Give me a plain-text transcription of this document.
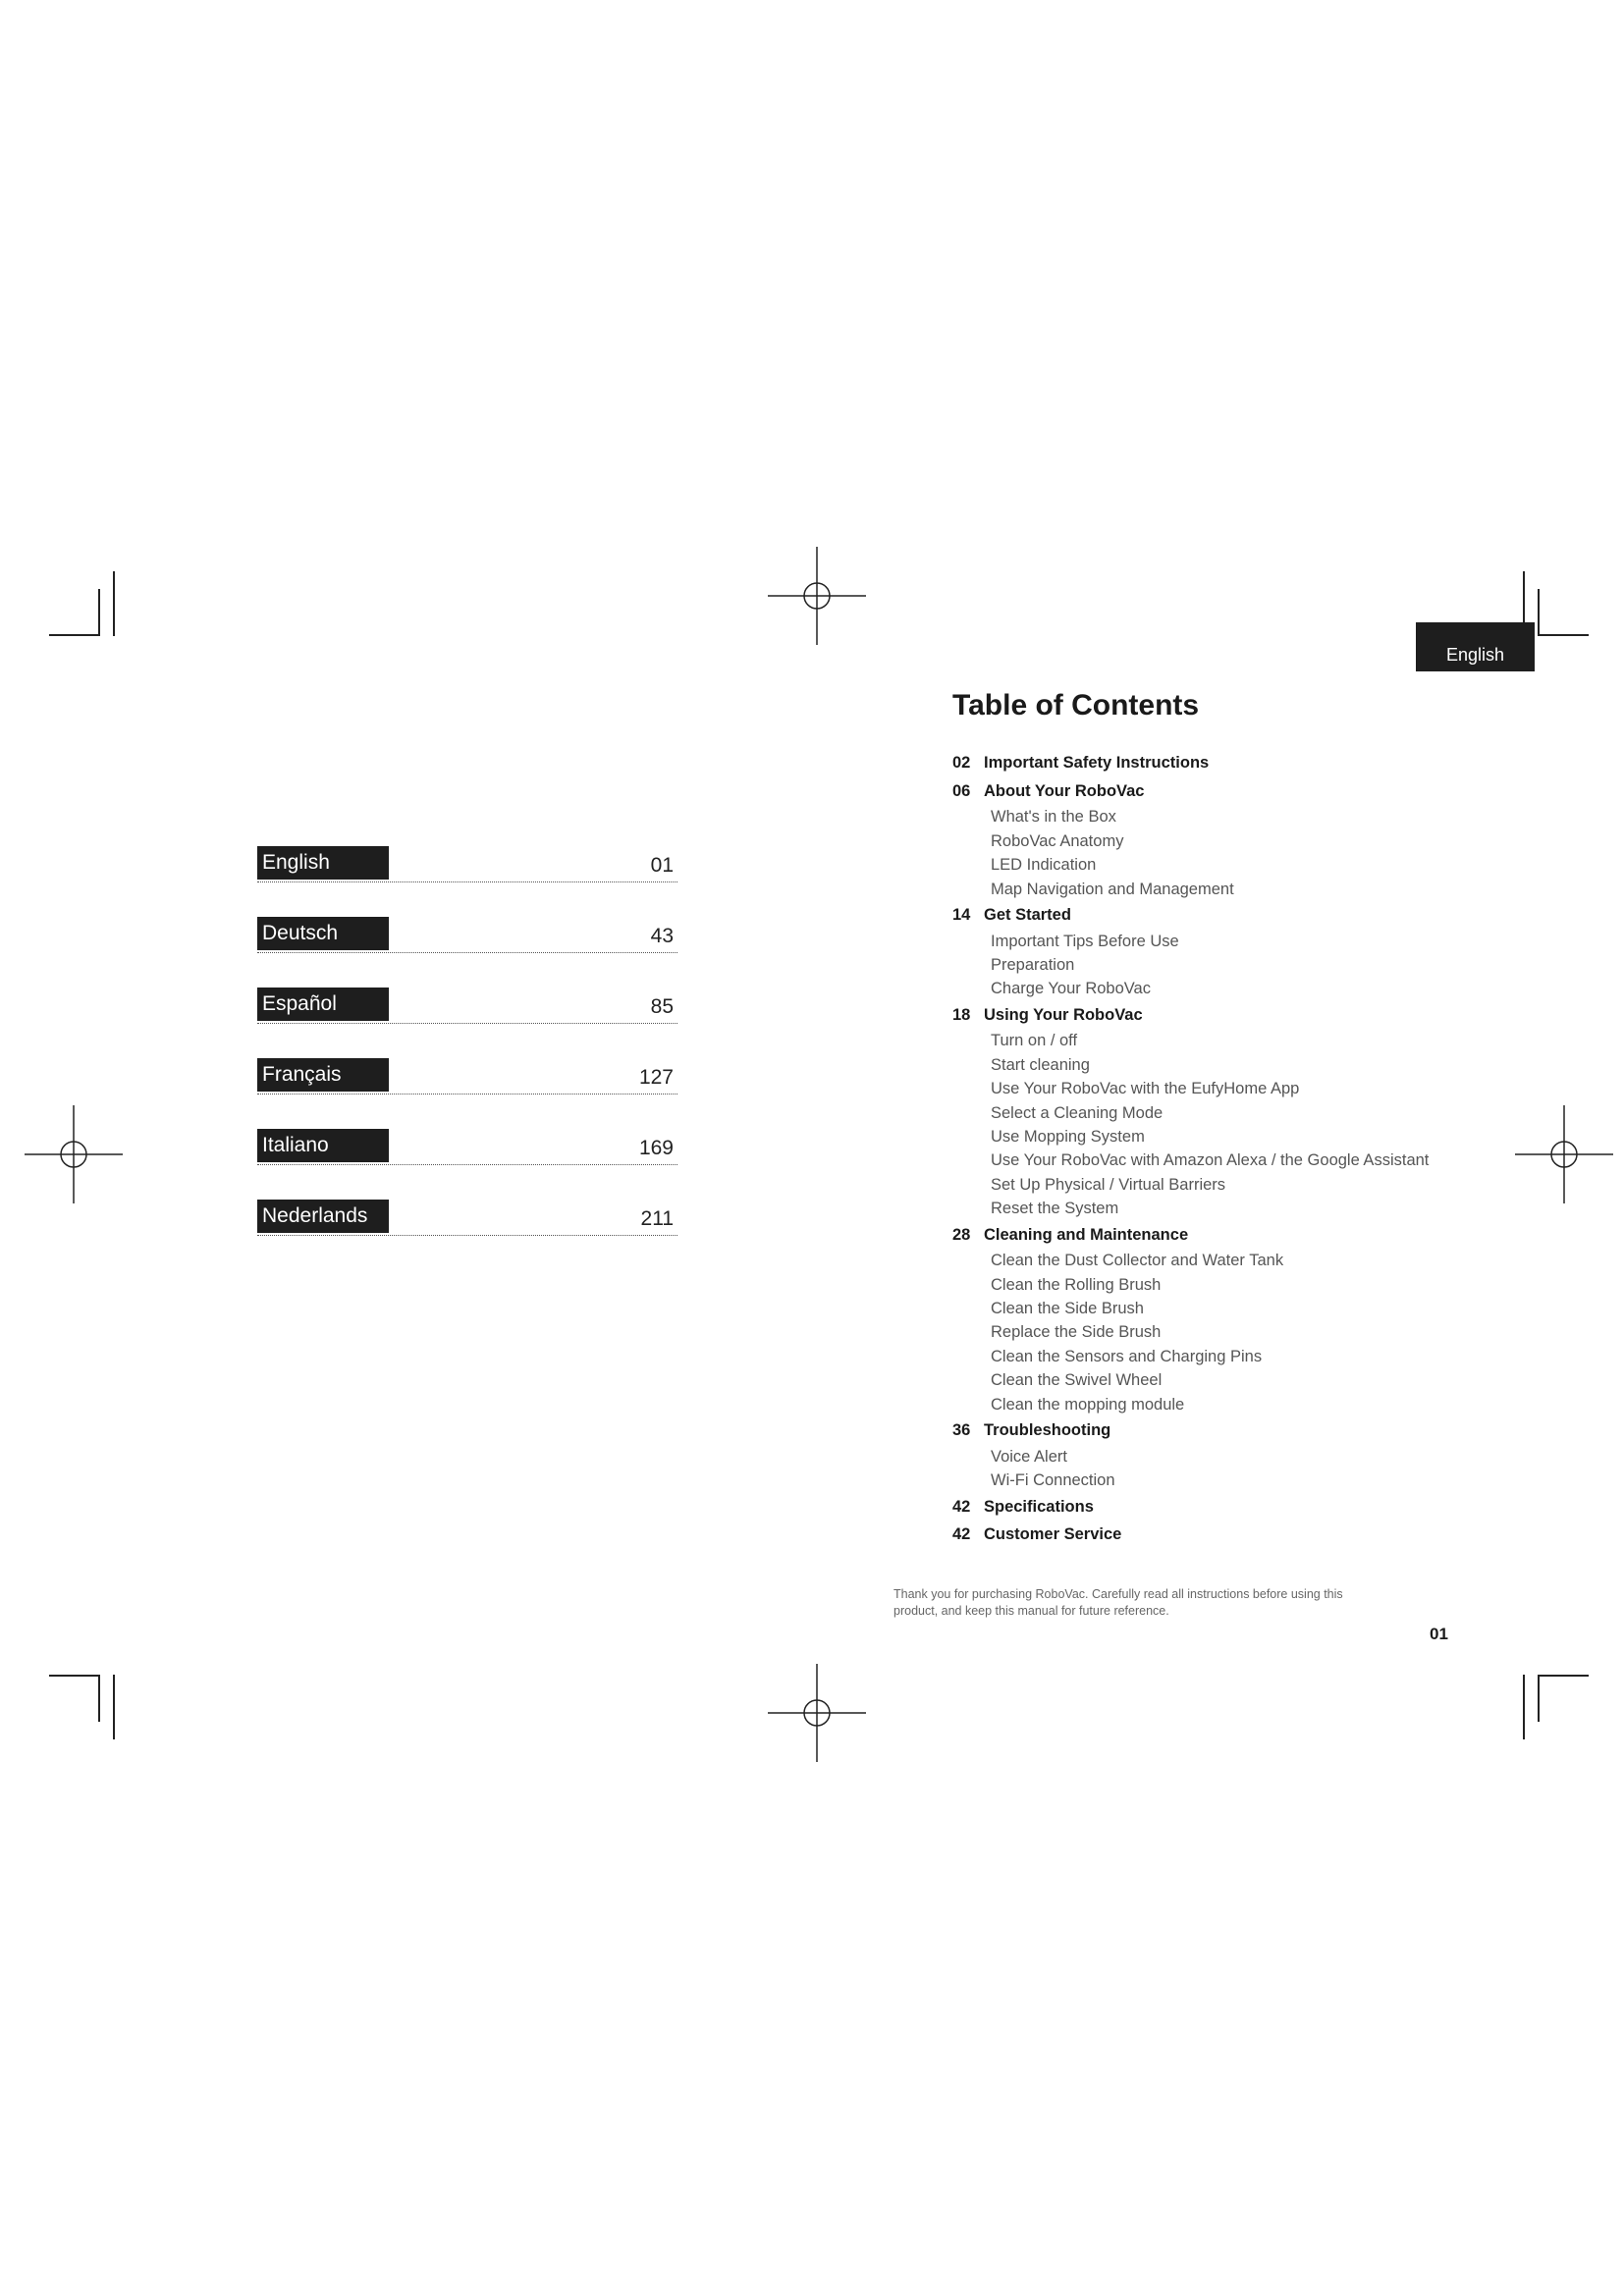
English	01
Deutsch	43
Español	85
Français	127
Italiano	169
Nederlands	211
English
Table of Contents
02 Important Safety Instructions
06 About Your RoboVac
What's in the Box
RoboVac Anatomy
LED Indication
Map Navigation and Management
14 Get Started
Important Tips Before Use
Preparation
Charge Your RoboVac
18 Using Your RoboVac
Turn on / off
Start cleaning
Use Your RoboVac with the EufyHome App
Select a Cleaning Mode
Use Mopping System
Use Your RoboVac with Amazon Alexa / the Google Assistant
Set Up Physical / Virtual Barriers
Reset the System
28 Cleaning and Maintenance
Clean the Dust Collector and Water Tank
Clean the Rolling Brush
Clean the Side Brush
Replace the Side Brush
Clean the Sensors and Charging Pins
Clean the Swivel Wheel
Clean the mopping module
36 Troubleshooting
Voice Alert
Wi-Fi Connection
42 Specifications
42 Customer Service
Thank you for purchasing RoboVac. Carefully read all instructions before using this product, and keep this manual for future reference.
01
